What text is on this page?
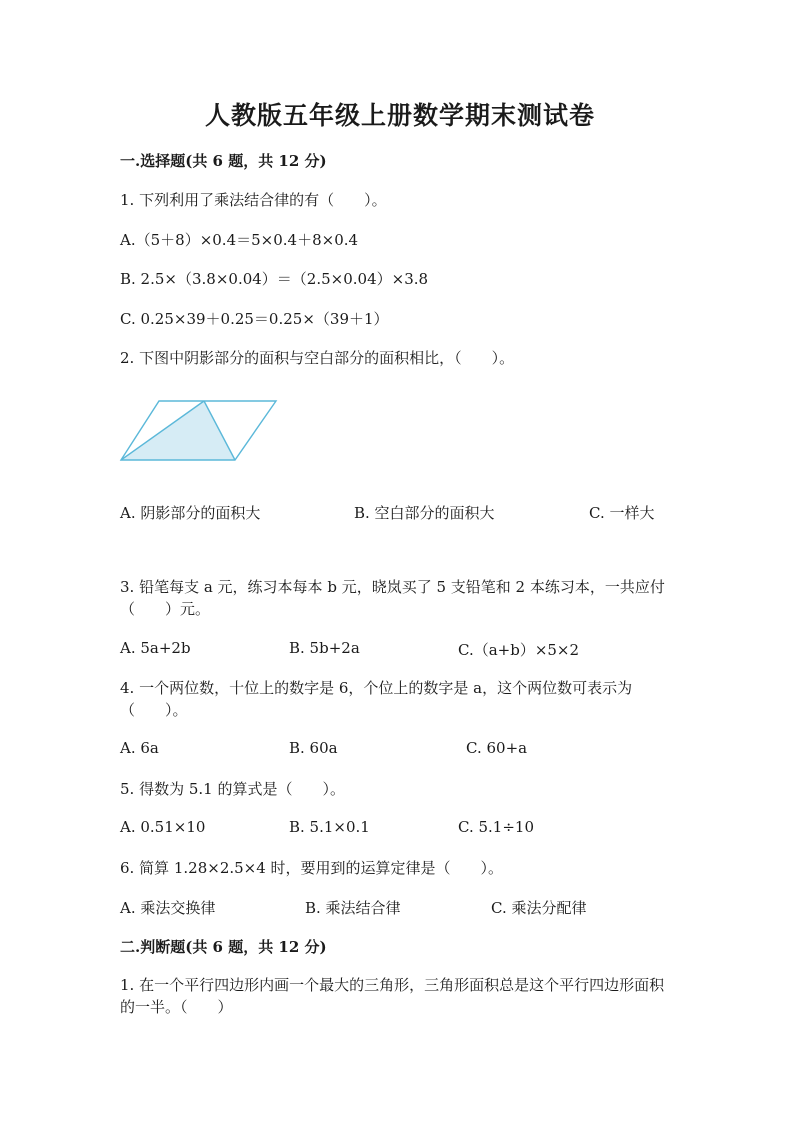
人教版五年级上册数学期末测试卷
一.选择题(共 6 题，共 12 分)
1. 下列利用了乘法结合律的有（　　）。
A.（5＋8）×0.4＝5×0.4＋8×0.4
B. 2.5×（3.8×0.04）＝（2.5×0.04）×3.8
C. 0.25×39＋0.25＝0.25×（39＋1）
2. 下图中阴影部分的面积与空白部分的面积相比，（　　）。
A. 阴影部分的面积大	B. 空白部分的面积大	C. 一样大
3. 铅笔每支 a 元，练习本每本 b 元，晓岚买了 5 支铅笔和 2 本练习本，一共应付（　　）元。
A. 5a+2b	B. 5b+2a	C.（a+b）×5×2
4. 一个两位数，十位上的数字是 6，个位上的数字是 a，这个两位数可表示为（　　）。
A. 6a	B. 60a	C. 60+a
5. 得数为 5.1 的算式是（　　）。
A. 0.51×10	B. 5.1×0.1	C. 5.1÷10
6. 简算 1.28×2.5×4 时，要用到的运算定律是（　　）。
A. 乘法交换律	B. 乘法结合律	C. 乘法分配律
二.判断题(共 6 题，共 12 分)
1. 在一个平行四边形内画一个最大的三角形，三角形面积总是这个平行四边形面积的一半。（　　）
